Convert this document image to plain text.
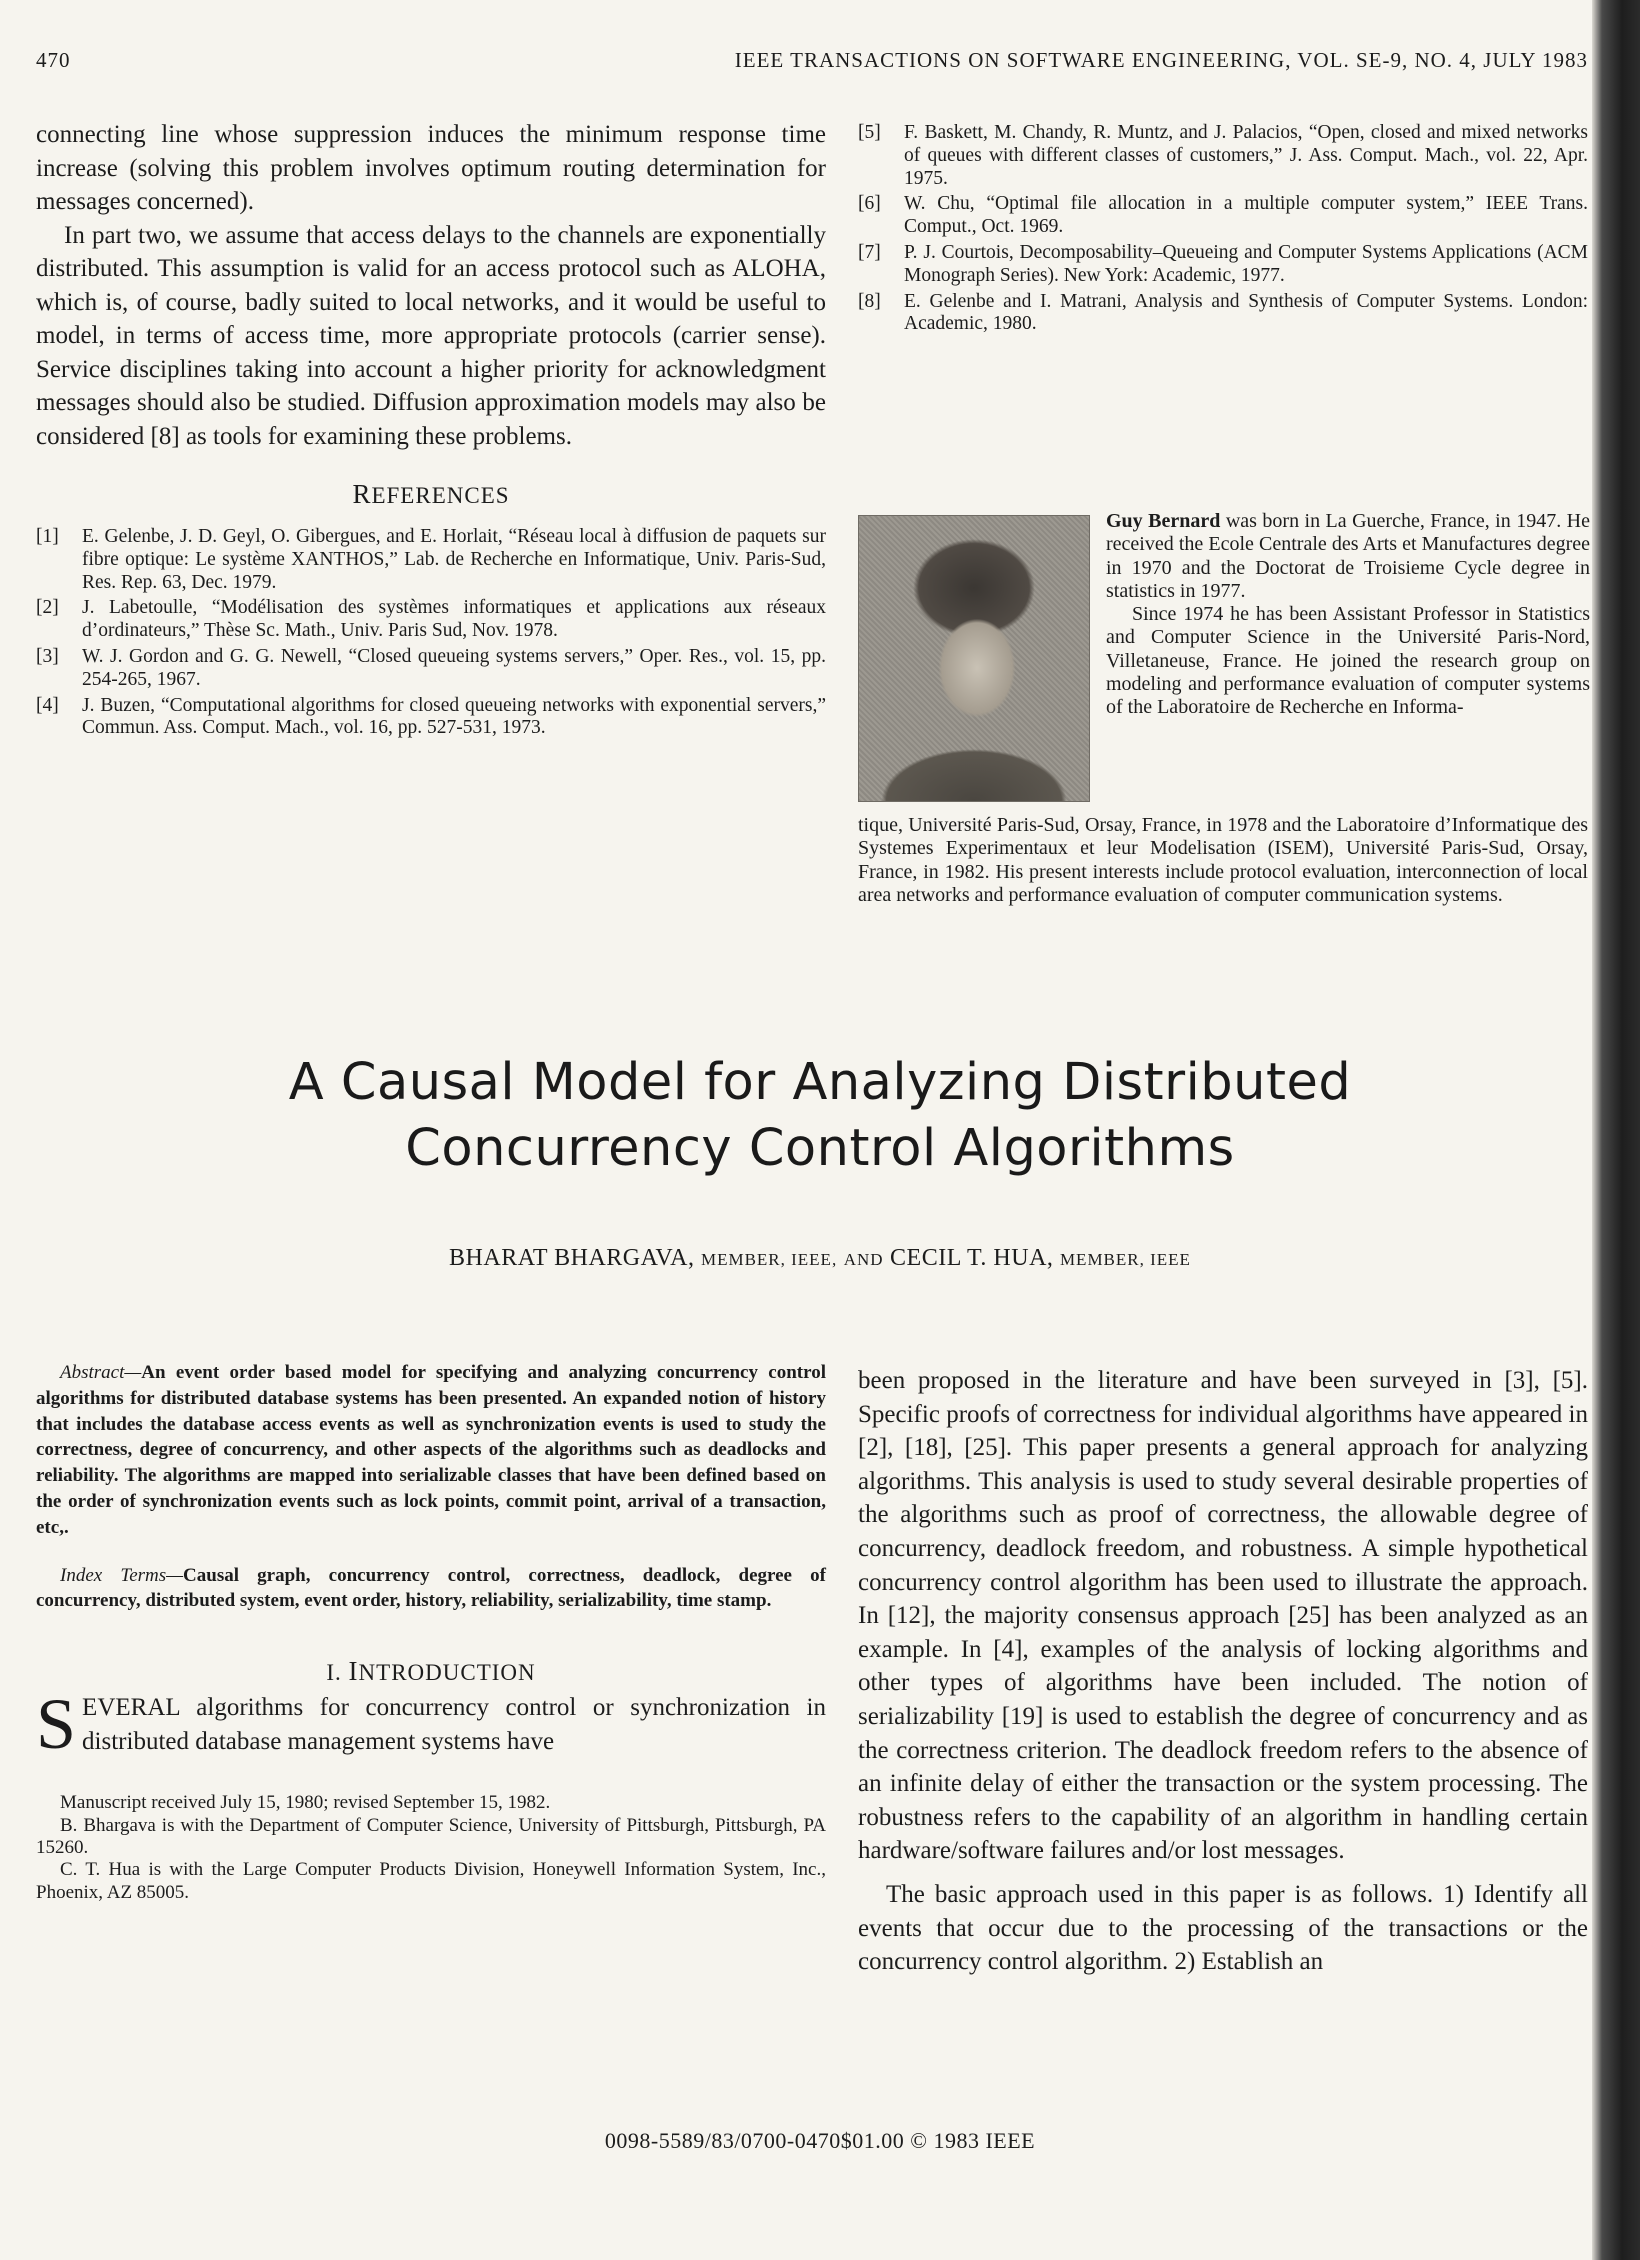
470	IEEE TRANSACTIONS ON SOFTWARE ENGINEERING, VOL. SE-9, NO. 4, JULY 1983

connecting line whose suppression induces the minimum response time increase (solving this problem involves optimum routing determination for messages concerned).

In part two, we assume that access delays to the channels are exponentially distributed. This assumption is valid for an access protocol such as ALOHA, which is, of course, badly suited to local networks, and it would be useful to model, in terms of access time, more appropriate protocols (carrier sense). Service disciplines taking into account a higher priority for acknowledgment messages should also be studied. Diffusion approximation models may also be considered [8] as tools for examining these problems.

REFERENCES

[1] E. Gelenbe, J. D. Geyl, O. Gibergues, and E. Horlait, “Réseau local à diffusion de paquets sur fibre optique: Le système XANTHOS,” Lab. de Recherche en Informatique, Univ. Paris-Sud, Res. Rep. 63, Dec. 1979.
[2] J. Labetoulle, “Modélisation des systèmes informatiques et applications aux réseaux d’ordinateurs,” Thèse Sc. Math., Univ. Paris Sud, Nov. 1978.
[3] W. J. Gordon and G. G. Newell, “Closed queueing systems servers,” Oper. Res., vol. 15, pp. 254-265, 1967.
[4] J. Buzen, “Computational algorithms for closed queueing networks with exponential servers,” Commun. Ass. Comput. Mach., vol. 16, pp. 527-531, 1973.
[5] F. Baskett, M. Chandy, R. Muntz, and J. Palacios, “Open, closed and mixed networks of queues with different classes of customers,” J. Ass. Comput. Mach., vol. 22, Apr. 1975.
[6] W. Chu, “Optimal file allocation in a multiple computer system,” IEEE Trans. Comput., Oct. 1969.
[7] P. J. Courtois, Decomposability–Queueing and Computer Systems Applications (ACM Monograph Series). New York: Academic, 1977.
[8] E. Gelenbe and I. Matrani, Analysis and Synthesis of Computer Systems. London: Academic, 1980.

Guy Bernard was born in La Guerche, France, in 1947. He received the Ecole Centrale des Arts et Manufactures degree in 1970 and the Doctorat de Troisieme Cycle degree in statistics in 1977.

Since 1974 he has been Assistant Professor in Statistics and Computer Science in the Université Paris-Nord, Villetaneuse, France. He joined the research group on modeling and performance evaluation of computer systems of the Laboratoire de Recherche en Informa-

tique, Université Paris-Sud, Orsay, France, in 1978 and the Laboratoire d’Informatique des Systemes Experimentaux et leur Modelisation (ISEM), Université Paris-Sud, Orsay, France, in 1982. His present interests include protocol evaluation, interconnection of local area networks and performance evaluation of computer communication systems.

A Causal Model for Analyzing Distributed
Concurrency Control Algorithms
BHARAT BHARGAVA, MEMBER, IEEE, AND CECIL T. HUA, MEMBER, IEEE

Abstract—An event order based model for specifying and analyzing concurrency control algorithms for distributed database systems has been presented. An expanded notion of history that includes the database access events as well as synchronization events is used to study the correctness, degree of concurrency, and other aspects of the algorithms such as deadlocks and reliability. The algorithms are mapped into serializable classes that have been defined based on the order of synchronization events such as lock points, commit point, arrival of a transaction, etc,.

Index Terms—Causal graph, concurrency control, correctness, deadlock, degree of concurrency, distributed system, event order, history, reliability, serializability, time stamp.

I. INTRODUCTION

SEVERAL algorithms for concurrency control or synchronization in distributed database management systems have

Manuscript received July 15, 1980; revised September 15, 1982.

B. Bhargava is with the Department of Computer Science, University of Pittsburgh, Pittsburgh, PA 15260.

C. T. Hua is with the Large Computer Products Division, Honeywell Information System, Inc., Phoenix, AZ 85005.

been proposed in the literature and have been surveyed in [3], [5]. Specific proofs of correctness for individual algorithms have appeared in [2], [18], [25]. This paper presents a general approach for analyzing algorithms. This analysis is used to study several desirable properties of the algorithms such as proof of correctness, the allowable degree of concurrency, deadlock freedom, and robustness. A simple hypothetical concurrency control algorithm has been used to illustrate the approach. In [12], the majority consensus approach [25] has been analyzed as an example. In [4], examples of the analysis of locking algorithms and other types of algorithms have been included. The notion of serializability [19] is used to establish the degree of concurrency and as the correctness criterion. The deadlock freedom refers to the absence of an infinite delay of either the transaction or the system processing. The robustness refers to the capability of an algorithm in handling certain hardware/software failures and/or lost messages.

The basic approach used in this paper is as follows. 1) Identify all events that occur due to the processing of the transactions or the concurrency control algorithm. 2) Establish an

0098-5589/83/0700-0470$01.00 © 1983 IEEE
